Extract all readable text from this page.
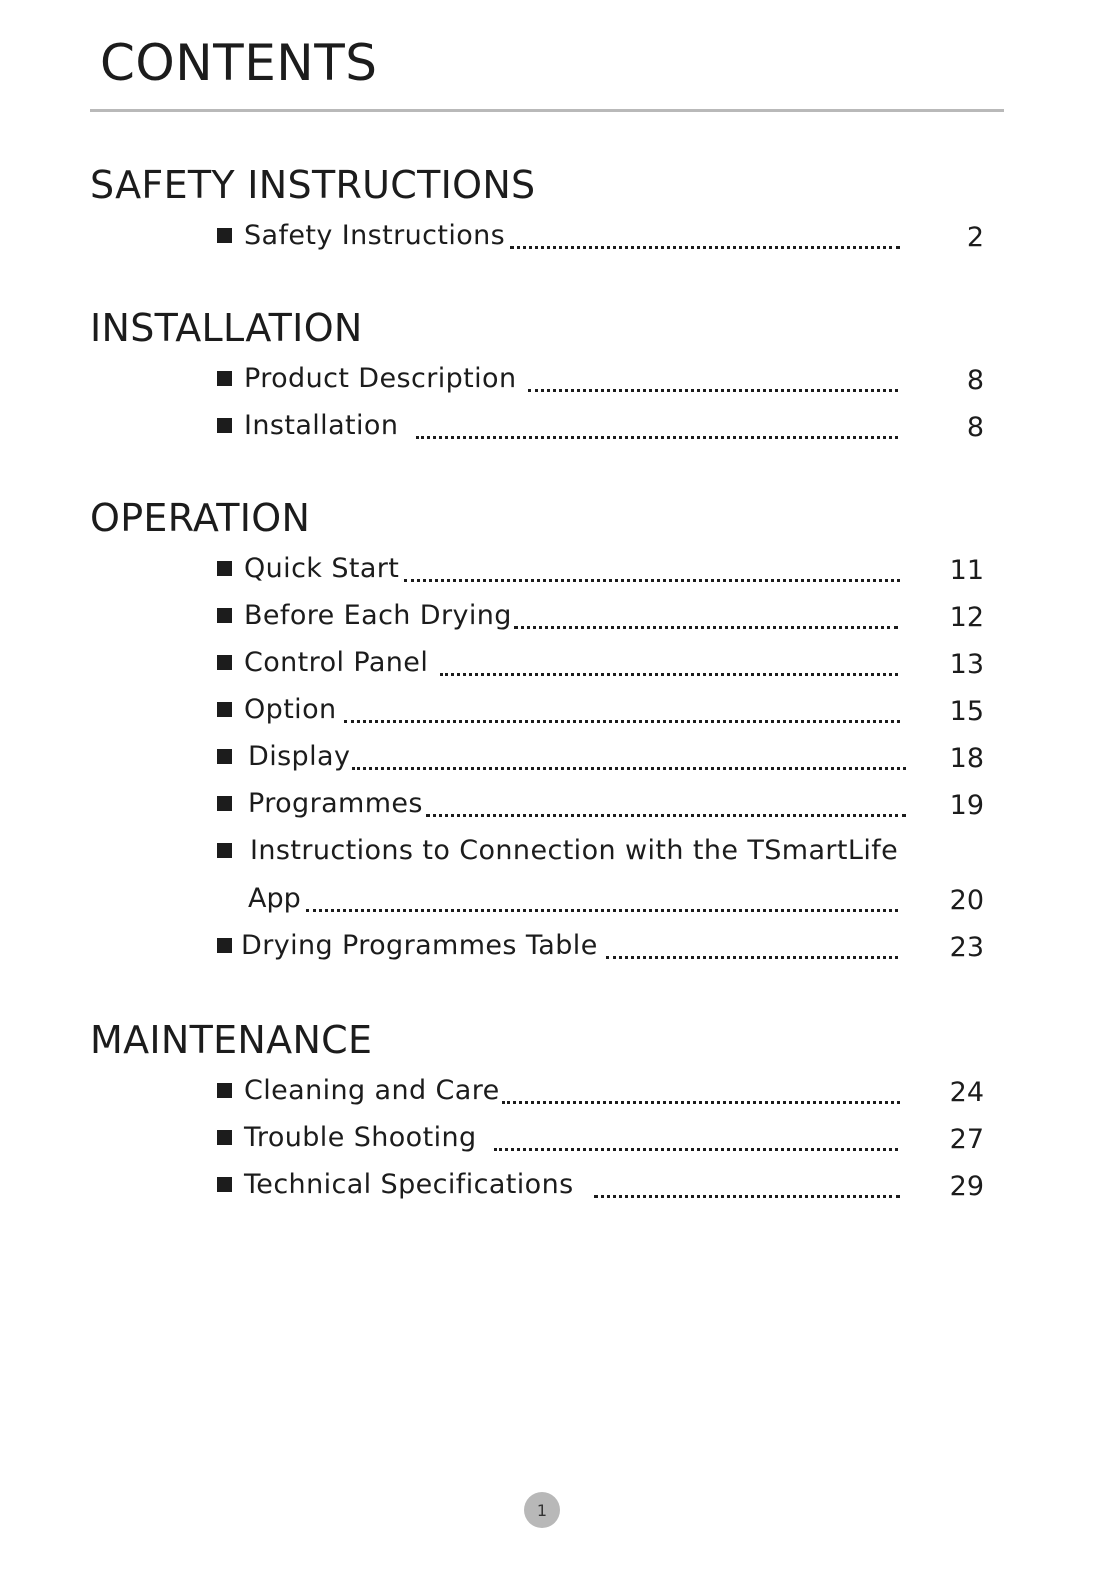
CONTENTS
SAFETY INSTRUCTIONS
Safety Instructions	2
INSTALLATION
Product Description	8
Installation	8
OPERATION
Quick Start	11
Before Each Drying	12
Control Panel	13
Option	15
Display	18
Programmes	19
Instructions to Connection with the TSmartLife
App	20
Drying Programmes Table	23
MAINTENANCE
Cleaning and Care	24
Trouble Shooting	27
Technical Specifications	29
1
